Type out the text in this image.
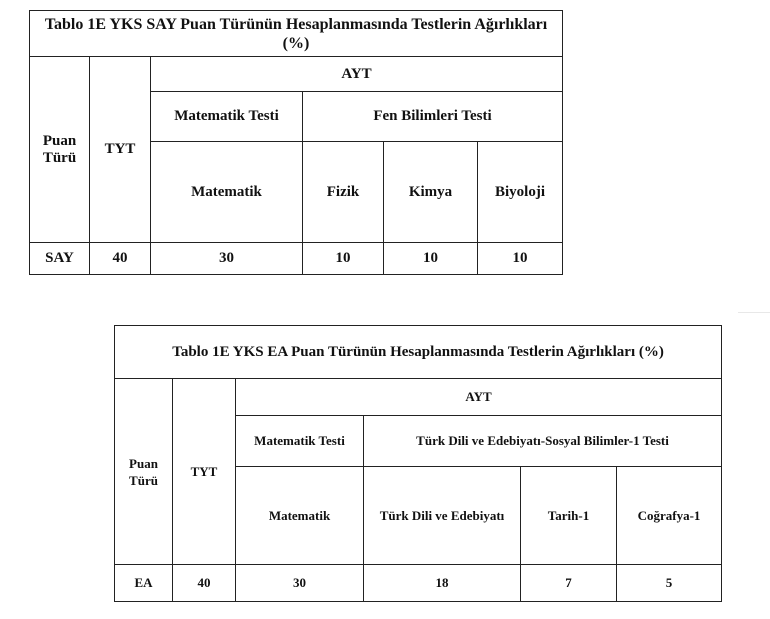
Tablo 1E YKS SAY Puan Türünün Hesaplanmasında Testlerin Ağırlıkları (%)					
Puan Türü	TYT	AYT			
		Matematik Testi	Fen Bilimleri Testi		
		Matematik	Fizik	Kimya	Biyoloji
SAY	40	30	10	10	10
Tablo 1E YKS EA Puan Türünün Hesaplanmasında Testlerin Ağırlıkları (%)					
Puan Türü	TYT	AYT			
		Matematik Testi	Türk Dili ve Edebiyatı-Sosyal Bilimler-1 Testi		
		Matematik	Türk Dili ve Edebiyatı	Tarih-1	Coğrafya-1
EA	40	30	18	7	5
